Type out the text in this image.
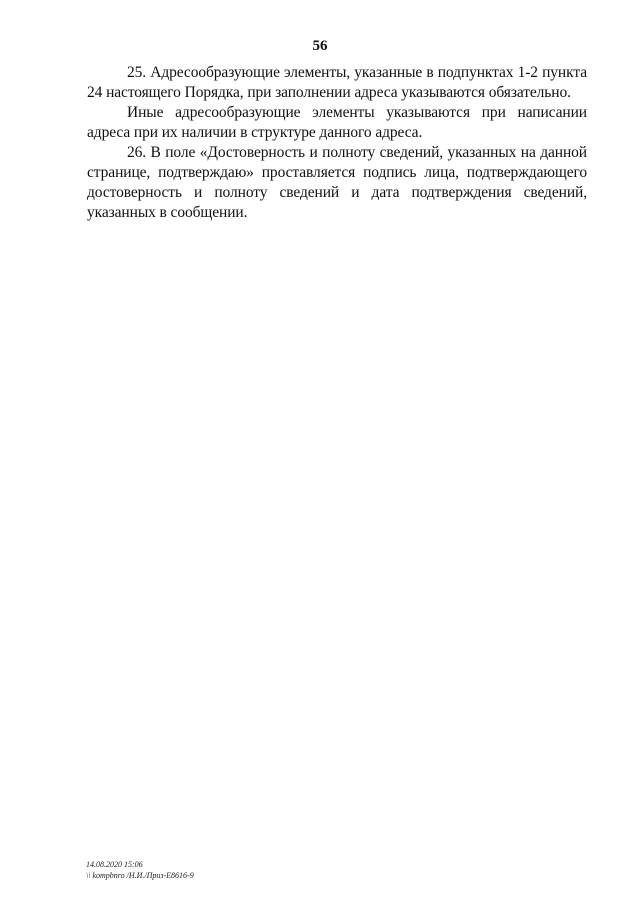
56

25. Адресообразующие элементы, указанные в подпунктах 1-2 пункта 24 настоящего Порядка, при заполнении адреса указываются обязательно.

Иные адресообразующие элементы указываются при написании адреса при их наличии в структуре данного адреса.

26. В поле «Достоверность и полноту сведений, указанных на данной странице, подтверждаю» проставляется подпись лица, подтверждающего достоверность и полноту сведений и дата подтверждения сведений, указанных в сообщении.

14.08.2020 15:06
\\ kompbnro /Н.И./Приз-Е8616-9
